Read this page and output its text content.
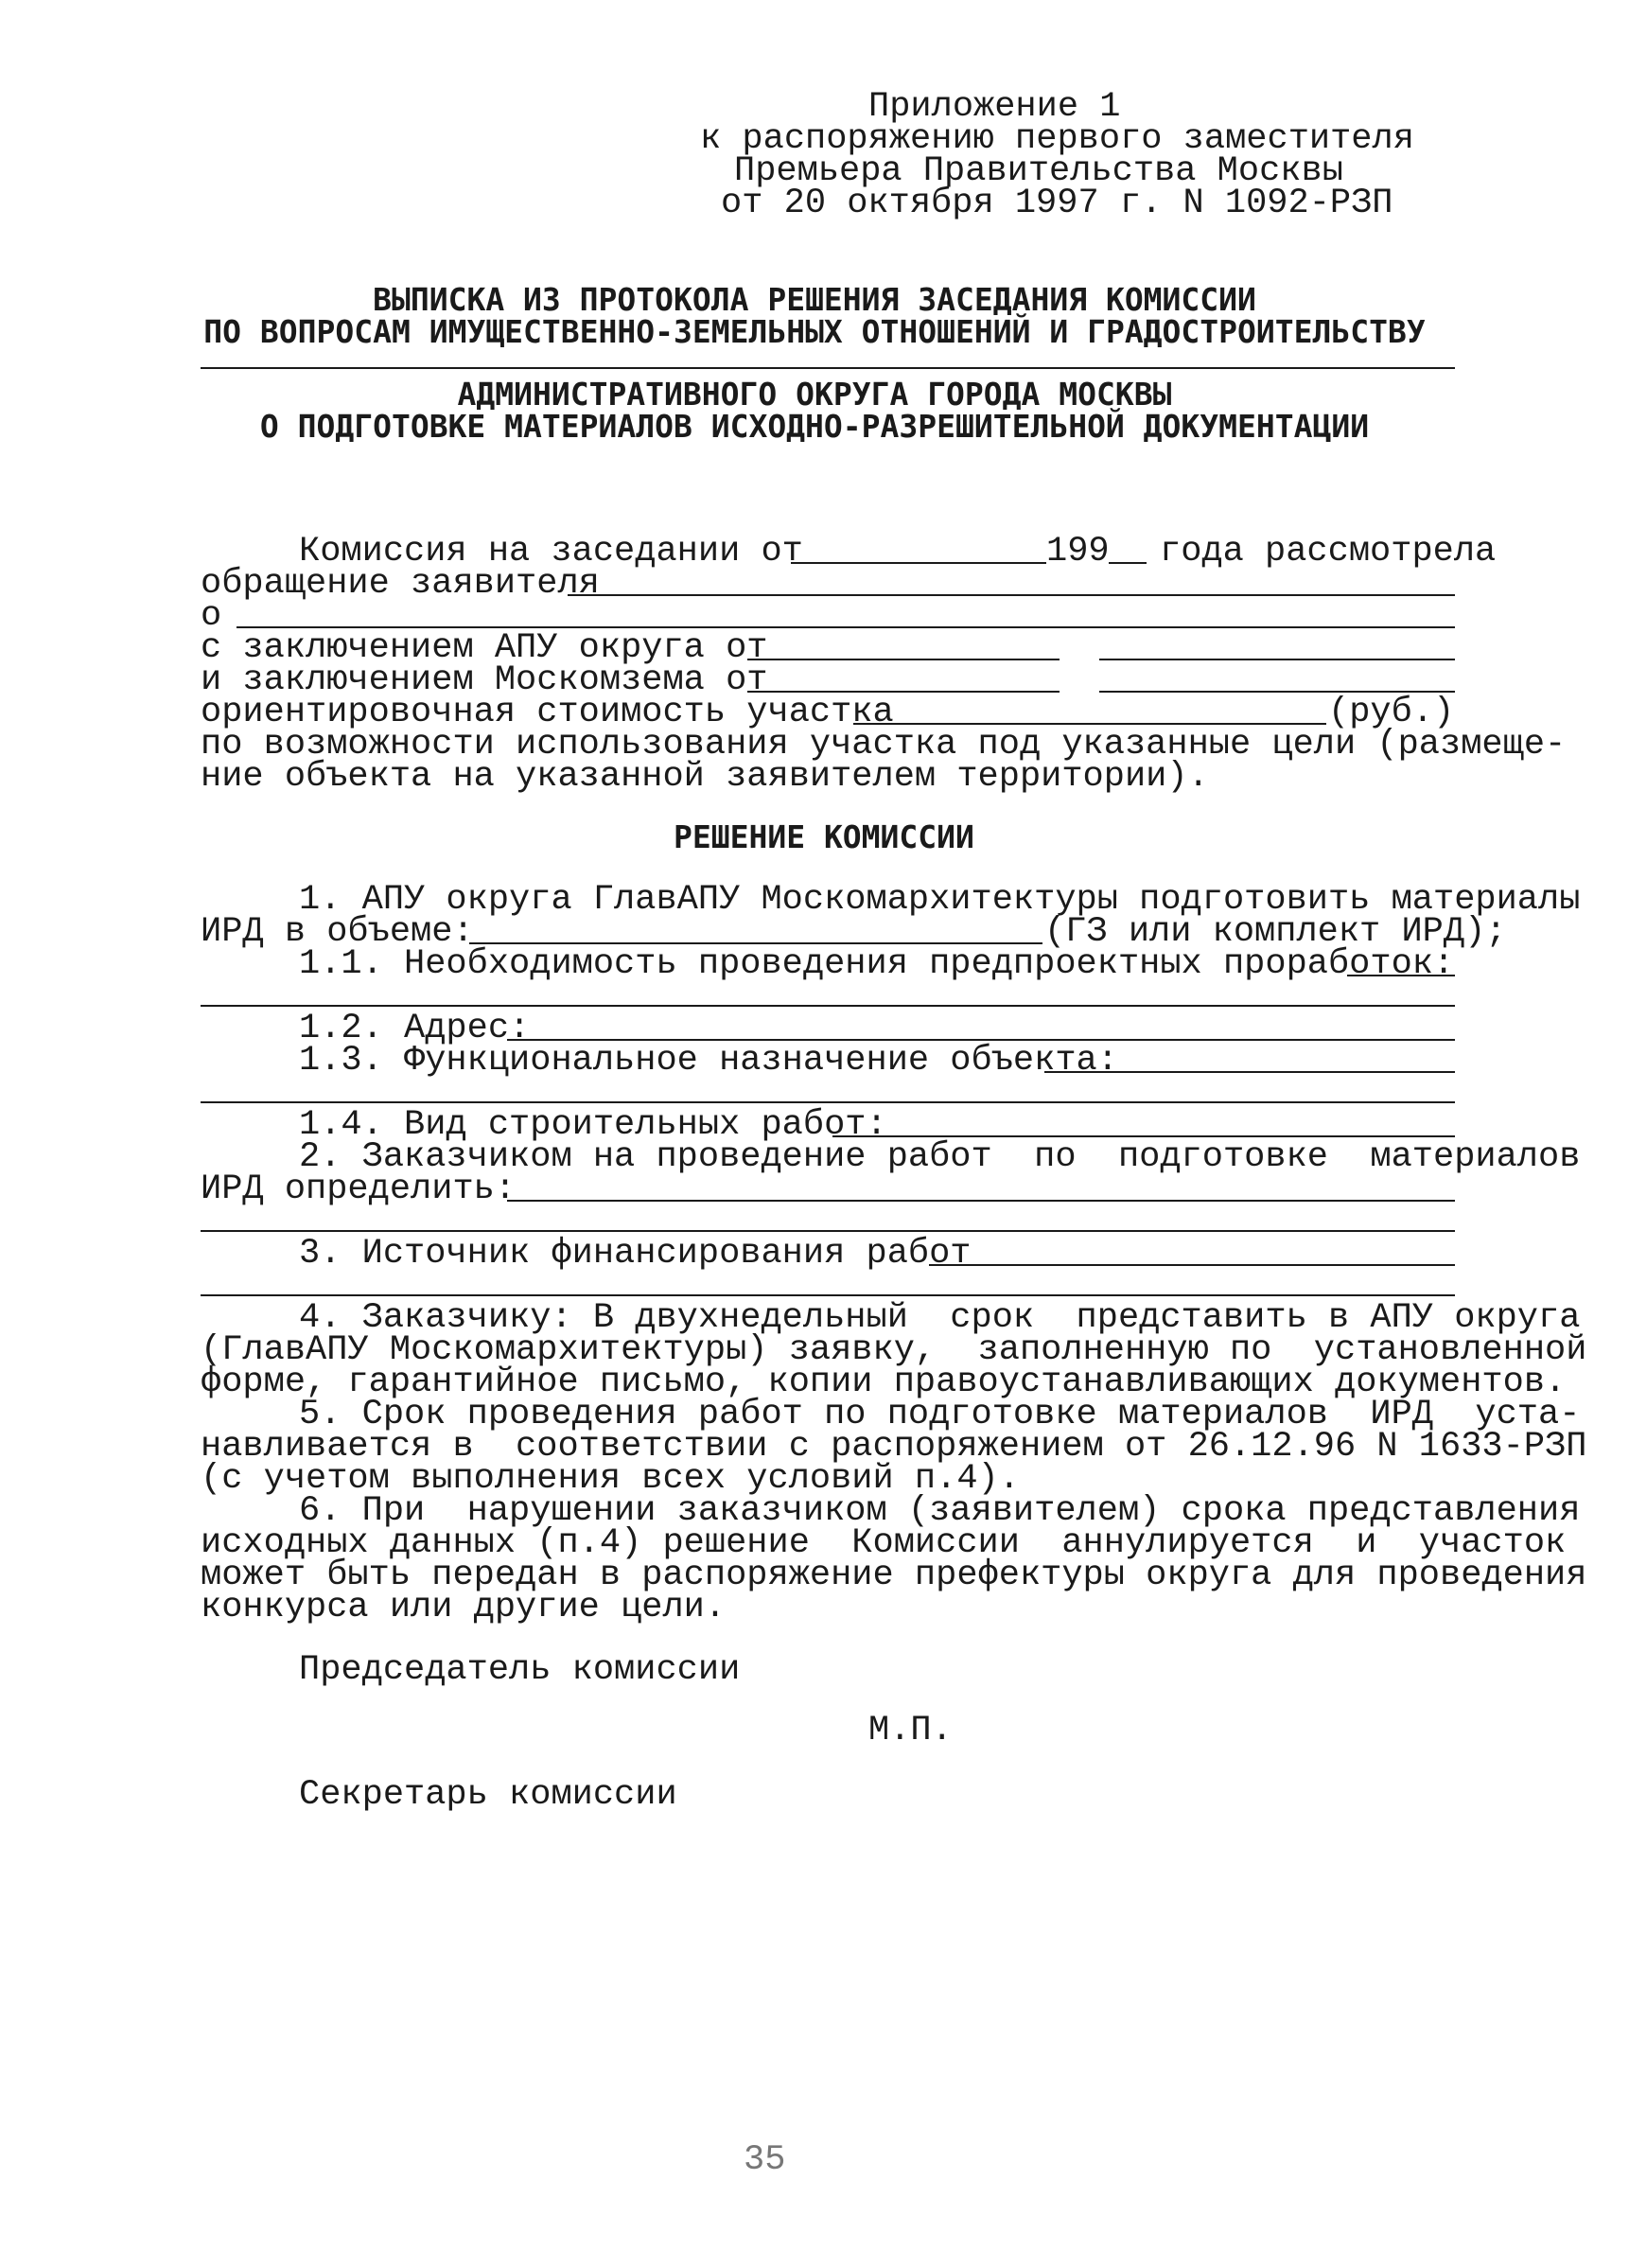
Приложение 1
к распоряжению первого заместителя
Премьера Правительства Москвы
от 20 октября 1997 г. N 1092-РЗП
ВЫПИСКА ИЗ ПРОТОКОЛА РЕШЕНИЯ ЗАСЕДАНИЯ КОМИССИИ
ПО ВОПРОСАМ ИМУЩЕСТВЕННО-ЗЕМЕЛЬНЫХ ОТНОШЕНИЙ И ГРАДОСТРОИТЕЛЬСТВУ
АДМИНИСТРАТИВНОГО ОКРУГА ГОРОДА МОСКВЫ
О ПОДГОТОВКЕ МАТЕРИАЛОВ ИСХОДНО-РАЗРЕШИТЕЛЬНОЙ ДОКУМЕНТАЦИИ
Комиссия на заседании от	199 года рассмотрела
обращение заявителя
о
с заключением АПУ округа от
и заключением Москомзема от
ориентировочная стоимость участка	(руб.)
по возможности использования участка под указанные цели (размеще-
ние объекта на указанной заявителем территории).
РЕШЕНИЕ КОМИССИИ
1. АПУ округа ГлавАПУ Москомархитектуры подготовить материалы
ИРД в объеме:	(ГЗ или комплект ИРД);
1.1. Необходимость проведения предпроектных проработок:
1.2. Адрес:
1.3. Функциональное назначение объекта:
1.4. Вид строительных работ:
2. Заказчиком на проведение работ  по  подготовке  материалов
ИРД определить:
3. Источник финансирования работ
4. Заказчику: В двухнедельный  срок  представить в АПУ округа
(ГлавАПУ Москомархитектуры) заявку,  заполненную по  установленной
форме, гарантийное письмо, копии правоустанавливающих документов.
5. Срок проведения работ по подготовке материалов  ИРД  уста-
навливается в  соответствии с распоряжением от 26.12.96 N 1633-РЗП
(с учетом выполнения всех условий п.4).
6. При  нарушении заказчиком (заявителем) срока представления
исходных данных (п.4) решение  Комиссии  аннулируется  и  участок
может быть передан в распоряжение префектуры округа для проведения
конкурса или другие цели.
Председатель комиссии
М.П.
Секретарь комиссии
35
